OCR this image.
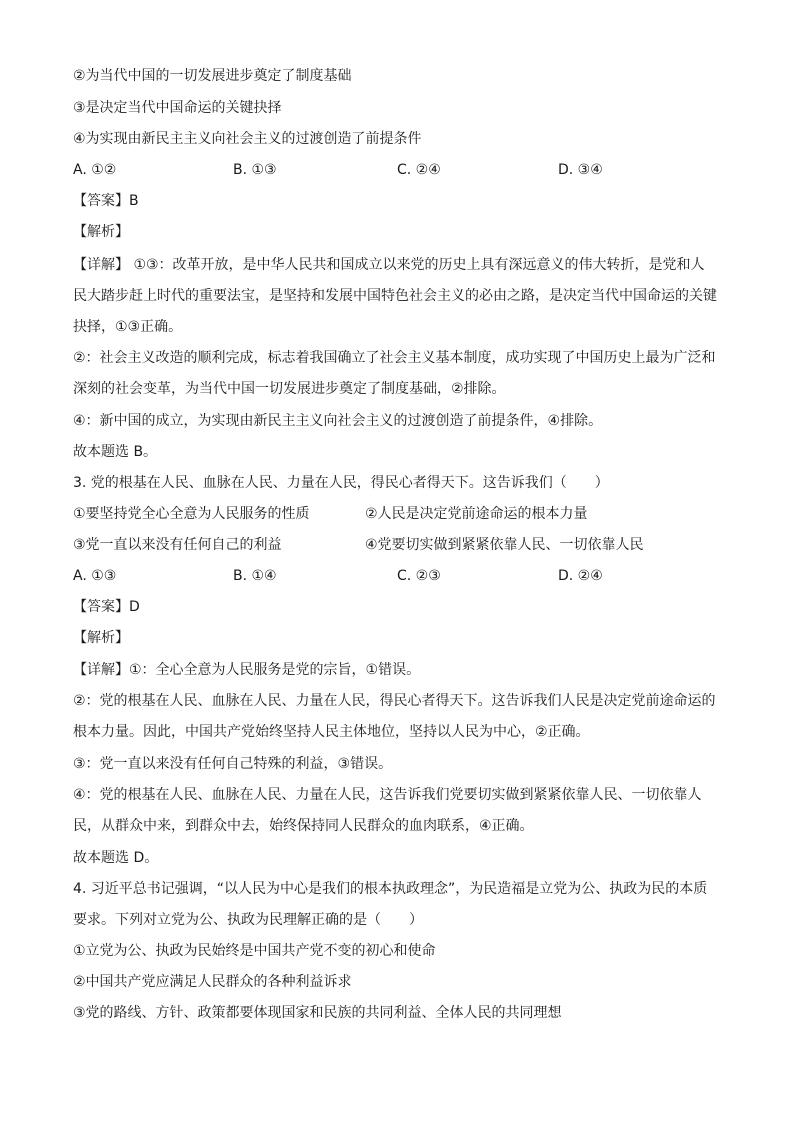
②为当代中国的一切发展进步奠定了制度基础
③是决定当代中国命运的关键抉择
④为实现由新民主主义向社会主义的过渡创造了前提条件
A. ①②	B. ①③	C. ②④	D. ③④
【答案】B
【解析】
【详解】 ①③：改革开放，是中华人民共和国成立以来党的历史上具有深远意义的伟大转折，是党和人
民大踏步赶上时代的重要法宝，是坚持和发展中国特色社会主义的必由之路，是决定当代中国命运的关键
抉择，①③正确。
②：社会主义改造的顺利完成，标志着我国确立了社会主义基本制度，成功实现了中国历史上最为广泛和
深刻的社会变革，为当代中国一切发展进步奠定了制度基础，②排除。
④：新中国的成立，为实现由新民主主义向社会主义的过渡创造了前提条件，④排除。
故本题选 B。
3. 党的根基在人民、血脉在人民、力量在人民，得民心者得天下。这告诉我们（　　）
①要坚持党全心全意为人民服务的性质	②人民是决定党前途命运的根本力量
③党一直以来没有任何自己的利益	④党要切实做到紧紧依靠人民、一切依靠人民
A. ①③	B. ①④	C. ②③	D. ②④
【答案】D
【解析】
【详解】①：全心全意为人民服务是党的宗旨，①错误。
②：党的根基在人民、血脉在人民、力量在人民，得民心者得天下。这告诉我们人民是决定党前途命运的
根本力量。因此，中国共产党始终坚持人民主体地位，坚持以人民为中心，②正确。
③：党一直以来没有任何自己特殊的利益，③错误。
④：党的根基在人民、血脉在人民、力量在人民，这告诉我们党要切实做到紧紧依靠人民、一切依靠人
民，从群众中来，到群众中去，始终保持同人民群众的血肉联系，④正确。
故本题选 D。
4. 习近平总书记强调，“以人民为中心是我们的根本执政理念”，为民造福是立党为公、执政为民的本质
要求。下列对立党为公、执政为民理解正确的是（　　）
①立党为公、执政为民始终是中国共产党不变的初心和使命
②中国共产党应满足人民群众的各种利益诉求
③党的路线、方针、政策都要体现国家和民族的共同利益、全体人民的共同理想
